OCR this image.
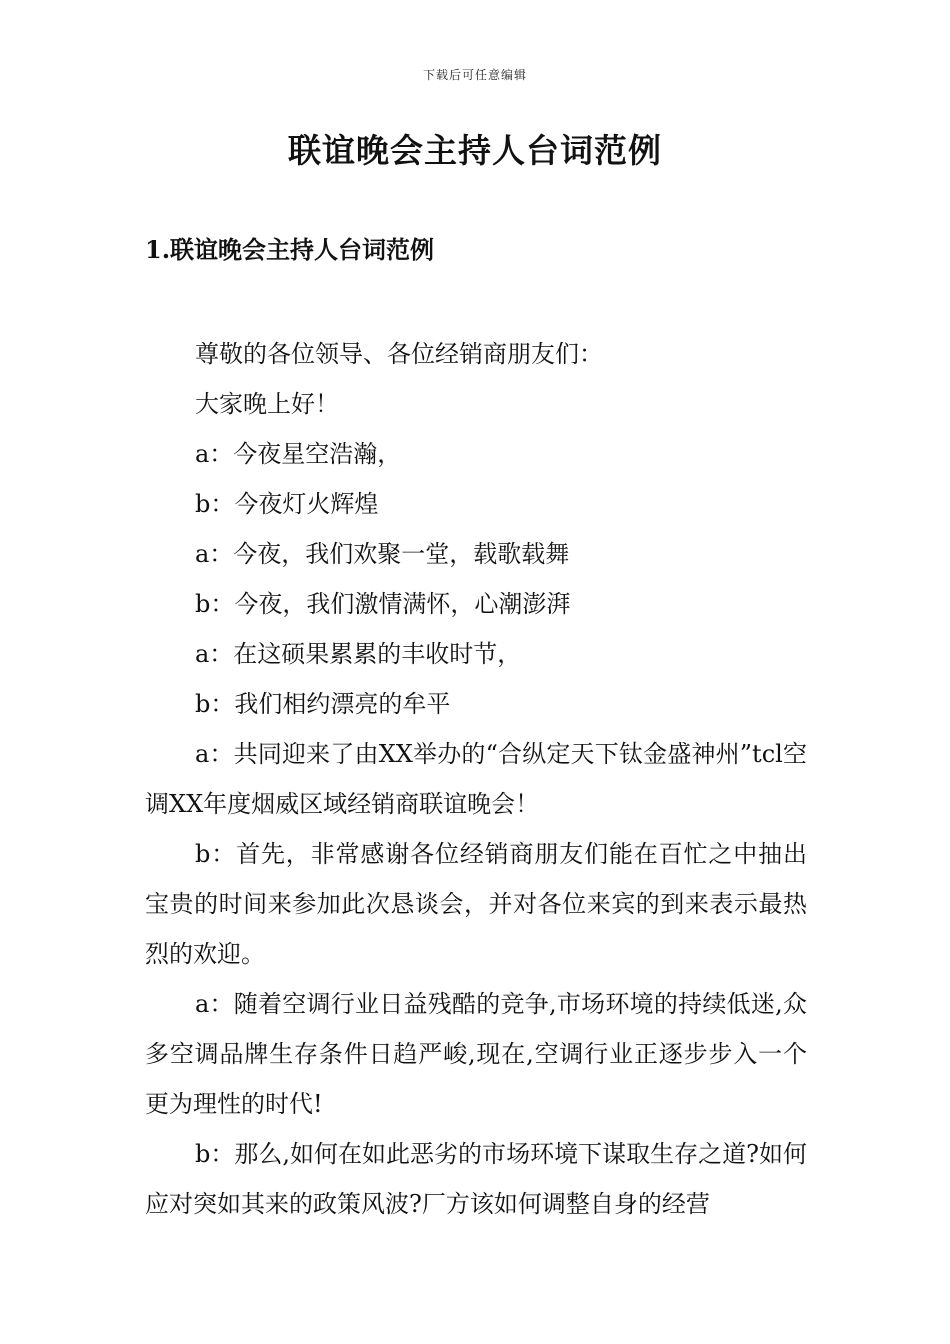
下载后可任意编辑
联谊晚会主持人台词范例
1.联谊晚会主持人台词范例

尊敬的各位领导、各位经销商朋友们：

大家晚上好！

a：今夜星空浩瀚，

b：今夜灯火辉煌

a：今夜，我们欢聚一堂，载歌载舞

b：今夜，我们激情满怀，心潮澎湃

a：在这硕果累累的丰收时节，

b：我们相约漂亮的牟平

a：共同迎来了由XX举办的“合纵定天下钛金盛神州”tcl空调XX年度烟威区域经销商联谊晚会！

b：首先，非常感谢各位经销商朋友们能在百忙之中抽出宝贵的时间来参加此次恳谈会，并对各位来宾的到来表示最热烈的欢迎。

a：随着空调行业日益残酷的竞争,市场环境的持续低迷,众多空调品牌生存条件日趋严峻,现在,空调行业正逐步步入一个更为理性的时代!

b：那么,如何在如此恶劣的市场环境下谋取生存之道?如何应对突如其来的政策风波?厂方该如何调整自身的经营
